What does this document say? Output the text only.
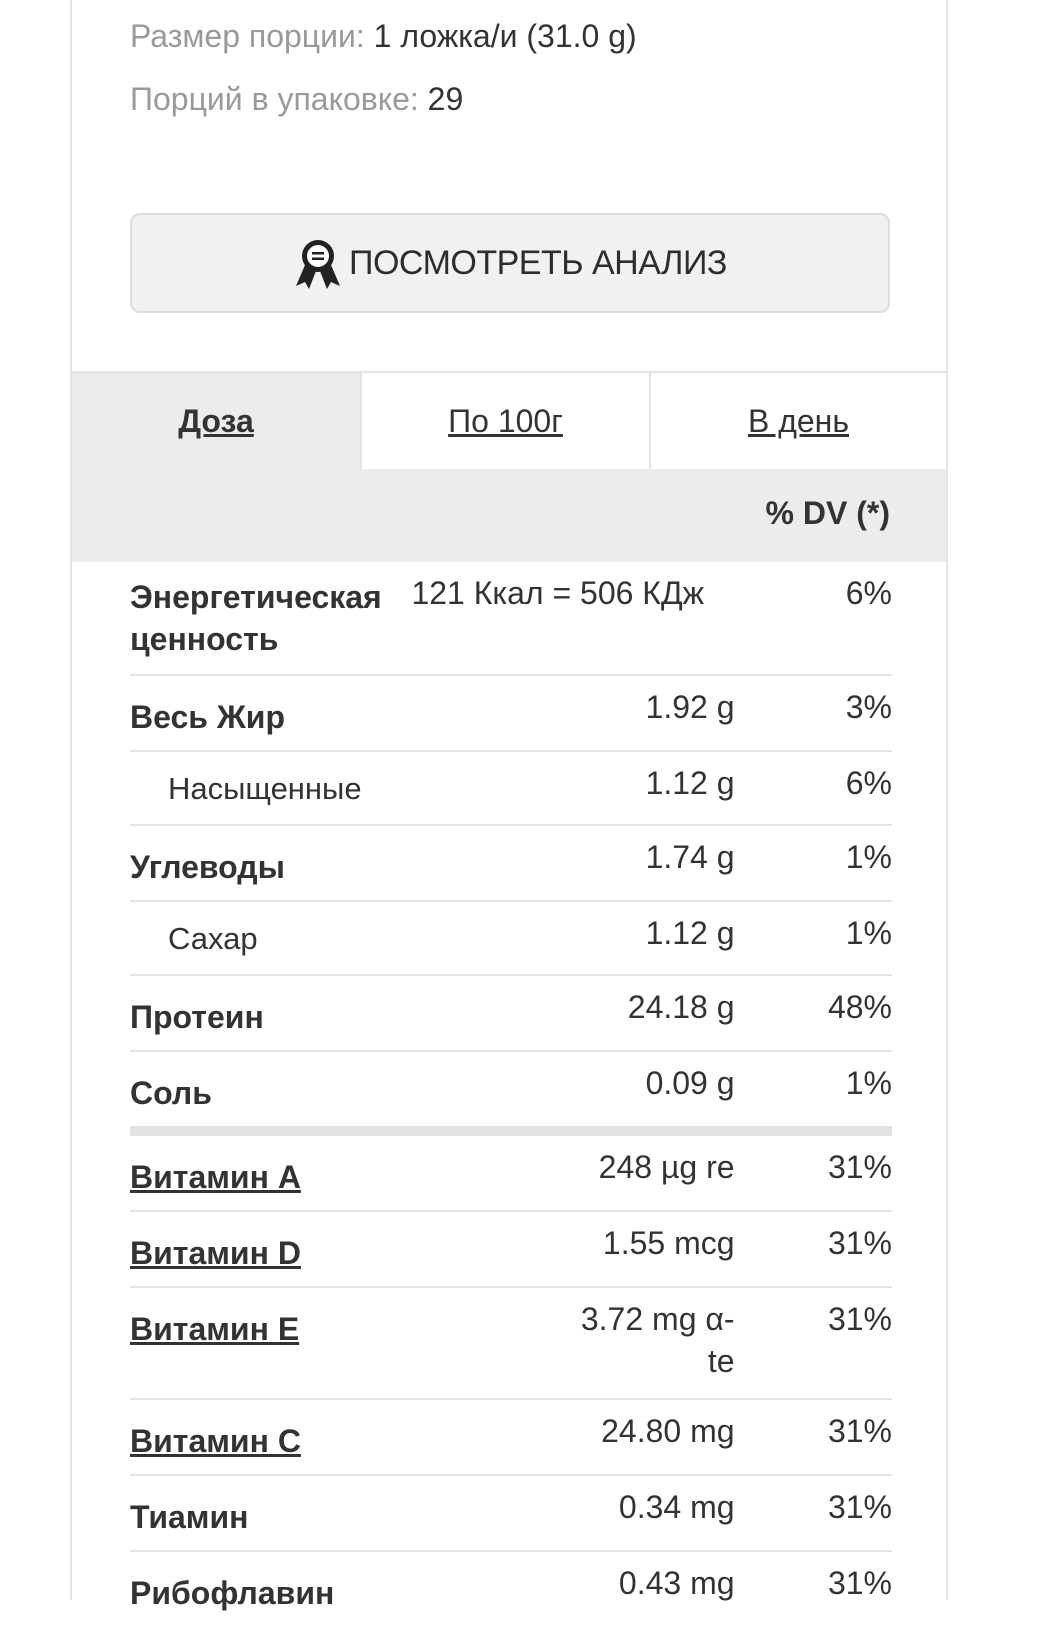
Размер порции: 1 ложка/и (31.0 g)
Порций в упаковке: 29
ПОСМОТРЕТЬ АНАЛИЗ
Доза	По 100г	В день
% DV (*)
Энергетическая ценность	121 Ккал = 506 КДж	6%
Весь Жир	1.92 g	3%
Насыщенные	1.12 g	6%
Углеводы	1.74 g	1%
Сахар	1.12 g	1%
Протеин	24.18 g	48%
Соль	0.09 g	1%

Витамин A	248 µg re	31%
Витамин D	1.55 mcg	31%
Витамин E	3.72 mg α-te	31%
Витамин C	24.80 mg	31%
Тиамин	0.34 mg	31%
Рибофлавин	0.43 mg	31%
